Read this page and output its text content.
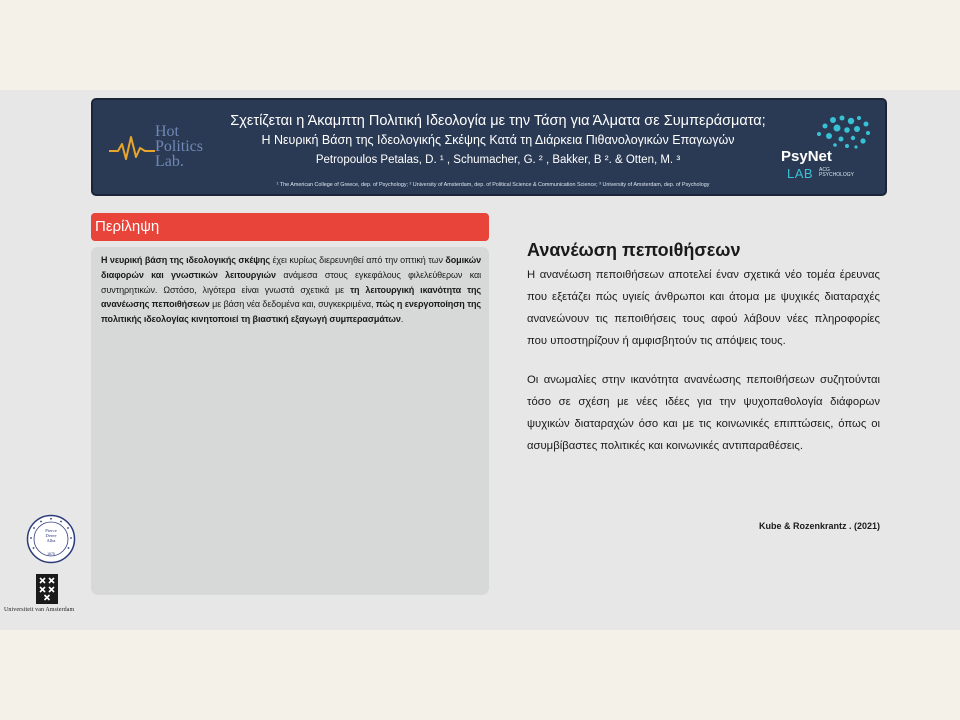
Hot
Politics
Lab.
Σχετίζεται η Άκαμπτη Πολιτική Ιδεολογία με την Τάση για Άλματα σε Συμπεράσματα;
Η Νευρική Βάση της Ιδεολογικής Σκέψης Κατά τη Διάρκεια Πιθανολογικών Επαγωγών
Petropoulos Petalas, D. ¹ , Schumacher, G. ² , Bakker, B ². & Otten, M. ³
¹ The American College of Greece, dep. of Psychology; ² University of Amsterdam, dep. of Political Science & Communication Science; ³ University of Amsterdam, dep. of Psychology
PsyNet
LAB ACG PSYCHOLOGY
Περίληψη
Η νευρική βάση της ιδεολογικής σκέψης έχει κυρίως διερευνηθεί από την οπτική των δομικών διαφορών και γνωστικών λειτουργιών ανάμεσα στους εγκεφάλους φιλελεύθερων και συντηρητικών. Ωστόσο, λιγότερα είναι γνωστά σχετικά με τη λειτουργική ικανότητα της ανανέωσης πεποιθήσεων με βάση νέα δεδομένα και, συγκεκριμένα, πώς η ενεργοποίηση της πολιτικής ιδεολογίας κινητοποιεί τη βιαστική εξαγωγή συμπερασμάτων.
Ανανέωση πεποιθήσεων

Η ανανέωση πεποιθήσεων αποτελεί έναν σχετικά νέο τομέα έρευνας που εξετάζει πώς υγιείς άνθρωποι και άτομα με ψυχικές διαταραχές ανανεώνουν τις πεποιθήσεις τους αφού λάβουν νέες πληροφορίες που υποστηρίζουν ή αμφισβητούν τις απόψεις τους.

Οι ανωμαλίες στην ικανότητα ανανέωσης πεποιθήσεων συζητούνται τόσο σε σχέση με νέες ιδέες για την ψυχοπαθολογία διάφορων ψυχικών διαταραχών όσο και με τις κοινωνικές επιπτώσεις, όπως οι ασυμβίβαστες πολιτικές και κοινωνικές αντιπαραθέσεις.

Kube & Rozenkrantz . (2021)
Pierce
Deree
Alba
1875
Universiteit van Amsterdam
